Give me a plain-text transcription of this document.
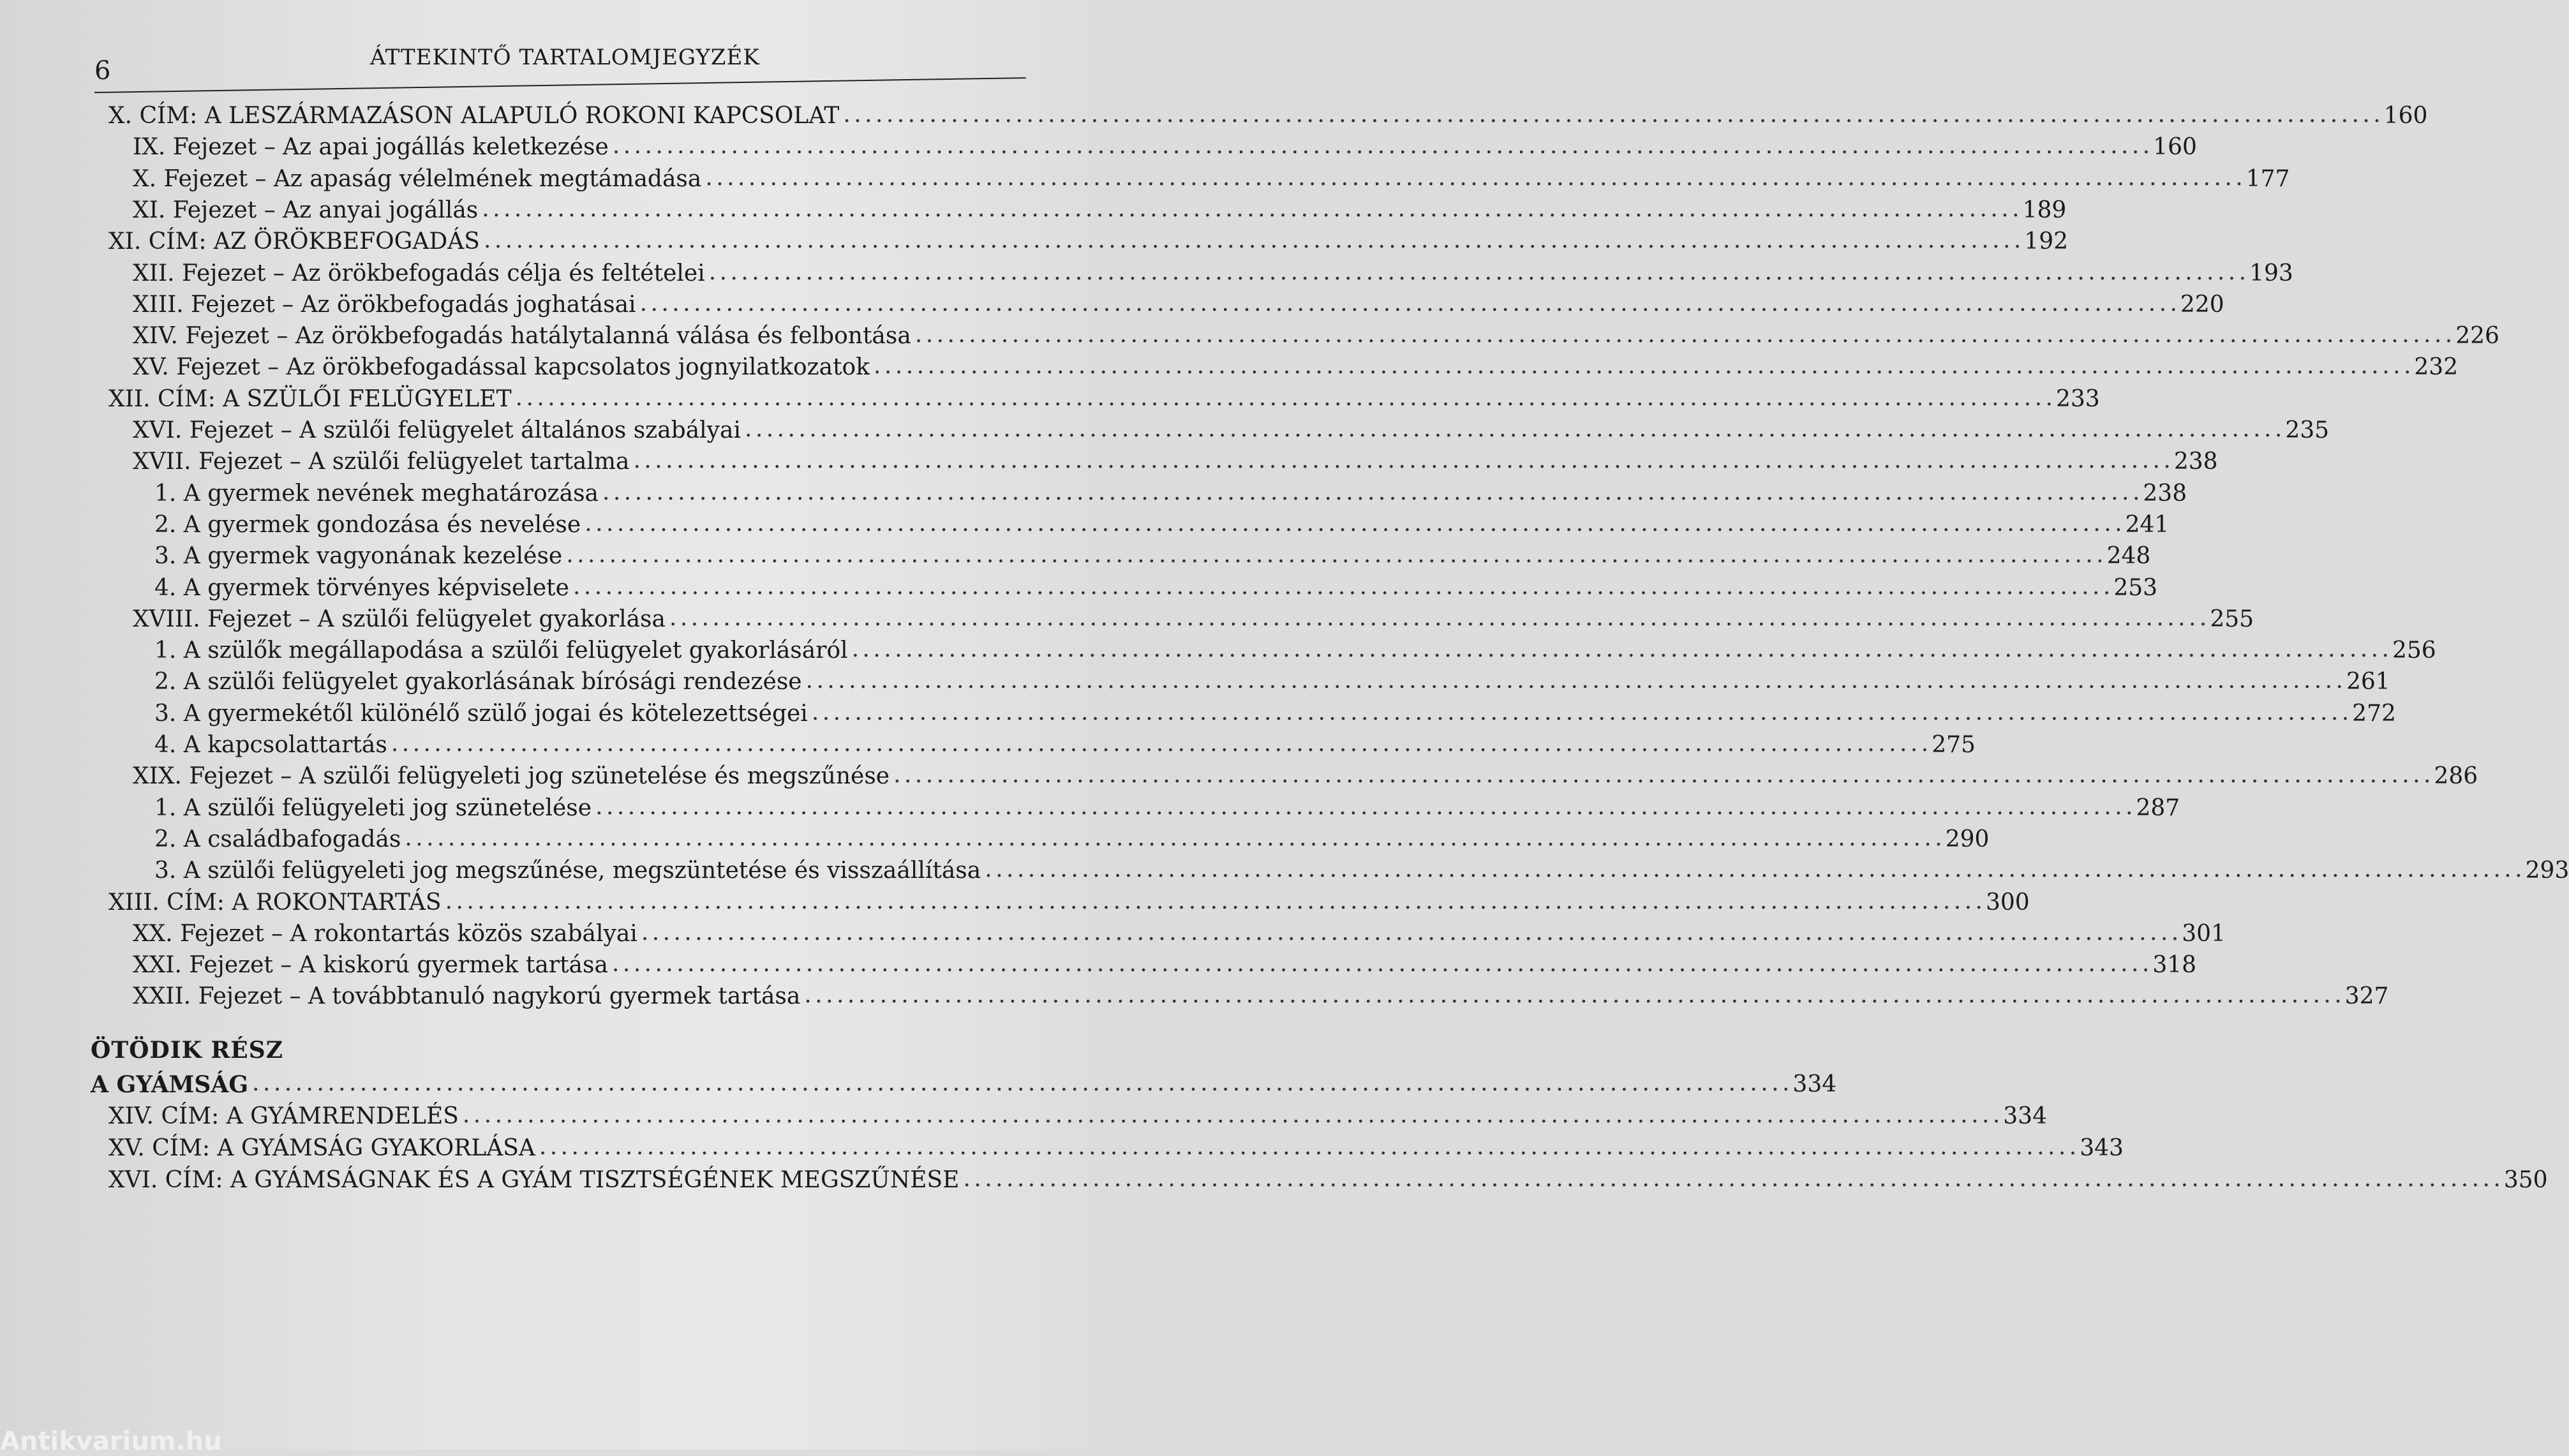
6	ÁTTEKINTŐ TARTALOMJEGYZÉK
X. CÍM: A LESZÁRMAZÁSON ALAPULÓ ROKONI KAPCSOLAT . . .	160
IX. Fejezet – Az apai jogállás keletkezése . . .	160
X. Fejezet – Az apaság vélelmének megtámadása . . .	177
XI. Fejezet – Az anyai jogállás . . .	189
XI. CÍM: AZ ÖRÖKBEFOGADÁS . . .	192
XII. Fejezet – Az örökbefogadás célja és feltételei . . .	193
XIII. Fejezet – Az örökbefogadás joghatásai . . .	220
XIV. Fejezet – Az örökbefogadás hatálytalanná válása és felbontása . . .	226
XV. Fejezet – Az örökbefogadással kapcsolatos jognyilatkozatok . . .	232
XII. CÍM: A SZÜLŐI FELÜGYELET . . .	233
XVI. Fejezet – A szülői felügyelet általános szabályai . . .	235
XVII. Fejezet – A szülői felügyelet tartalma . . .	238
1. A gyermek nevének meghatározása . . .	238
2. A gyermek gondozása és nevelése . . .	241
3. A gyermek vagyonának kezelése . . .	248
4. A gyermek törvényes képviselete . . .	253
XVIII. Fejezet – A szülői felügyelet gyakorlása . . .	255
1. A szülők megállapodása a szülői felügyelet gyakorlásáról . . .	256
2. A szülői felügyelet gyakorlásának bírósági rendezése . . .	261
3. A gyermekétől különélő szülő jogai és kötelezettségei . . .	272
4. A kapcsolattartás . . .	275
XIX. Fejezet – A szülői felügyeleti jog szünetelése és megszűnése . . .	286
1. A szülői felügyeleti jog szünetelése . . .	287
2. A családbafogadás . . .	290
3. A szülői felügyeleti jog megszűnése, megszüntetése és visszaállítása . . .	293
XIII. CÍM: A ROKONTARTÁS . . .	300
XX. Fejezet – A rokontartás közös szabályai . . .	301
XXI. Fejezet – A kiskorú gyermek tartása . . .	318
XXII. Fejezet – A továbbtanuló nagykorú gyermek tartása . . .	327
ÖTÖDIK RÉSZ
A GYÁMSÁG . . .	334
XIV. CÍM: A GYÁMRENDELÉS . . .	334
XV. CÍM: A GYÁMSÁG GYAKORLÁSA . . .	343
XVI. CÍM: A GYÁMSÁGNAK ÉS A GYÁM TISZTSÉGÉNEK MEGSZŰNÉSE . . .	350
Antikvarium.hu
